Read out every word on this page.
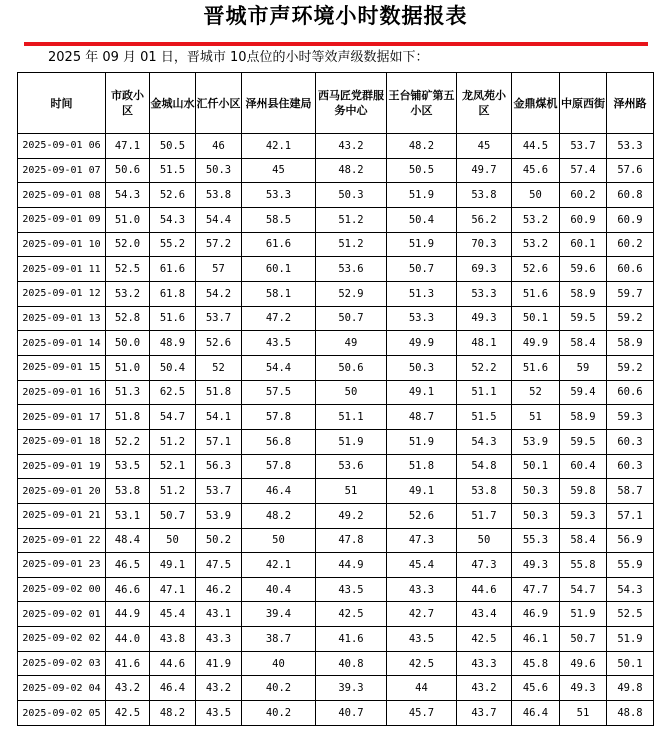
晋城市声环境小时数据报表
2025 年 09 月 01 日，晋城市 10点位的小时等效声级数据如下：
时间	市政小区	金城山水	汇仟小区	泽州县住建局	西马匠党群服务中心	王台铺矿第五小区	龙凤苑小区	金鼎煤机	中原西街	泽州路
2025-09-01 06	47.1	50.5	46	42.1	43.2	48.2	45	44.5	53.7	53.3
2025-09-01 07	50.6	51.5	50.3	45	48.2	50.5	49.7	45.6	57.4	57.6
2025-09-01 08	54.3	52.6	53.8	53.3	50.3	51.9	53.8	50	60.2	60.8
2025-09-01 09	51.0	54.3	54.4	58.5	51.2	50.4	56.2	53.2	60.9	60.9
2025-09-01 10	52.0	55.2	57.2	61.6	51.2	51.9	70.3	53.2	60.1	60.2
2025-09-01 11	52.5	61.6	57	60.1	53.6	50.7	69.3	52.6	59.6	60.6
2025-09-01 12	53.2	61.8	54.2	58.1	52.9	51.3	53.3	51.6	58.9	59.7
2025-09-01 13	52.8	51.6	53.7	47.2	50.7	53.3	49.3	50.1	59.5	59.2
2025-09-01 14	50.0	48.9	52.6	43.5	49	49.9	48.1	49.9	58.4	58.9
2025-09-01 15	51.0	50.4	52	54.4	50.6	50.3	52.2	51.6	59	59.2
2025-09-01 16	51.3	62.5	51.8	57.5	50	49.1	51.1	52	59.4	60.6
2025-09-01 17	51.8	54.7	54.1	57.8	51.1	48.7	51.5	51	58.9	59.3
2025-09-01 18	52.2	51.2	57.1	56.8	51.9	51.9	54.3	53.9	59.5	60.3
2025-09-01 19	53.5	52.1	56.3	57.8	53.6	51.8	54.8	50.1	60.4	60.3
2025-09-01 20	53.8	51.2	53.7	46.4	51	49.1	53.8	50.3	59.8	58.7
2025-09-01 21	53.1	50.7	53.9	48.2	49.2	52.6	51.7	50.3	59.3	57.1
2025-09-01 22	48.4	50	50.2	50	47.8	47.3	50	55.3	58.4	56.9
2025-09-01 23	46.5	49.1	47.5	42.1	44.9	45.4	47.3	49.3	55.8	55.9
2025-09-02 00	46.6	47.1	46.2	40.4	43.5	43.3	44.6	47.7	54.7	54.3
2025-09-02 01	44.9	45.4	43.1	39.4	42.5	42.7	43.4	46.9	51.9	52.5
2025-09-02 02	44.0	43.8	43.3	38.7	41.6	43.5	42.5	46.1	50.7	51.9
2025-09-02 03	41.6	44.6	41.9	40	40.8	42.5	43.3	45.8	49.6	50.1
2025-09-02 04	43.2	46.4	43.2	40.2	39.3	44	43.2	45.6	49.3	49.8
2025-09-02 05	42.5	48.2	43.5	40.2	40.7	45.7	43.7	46.4	51	48.8
